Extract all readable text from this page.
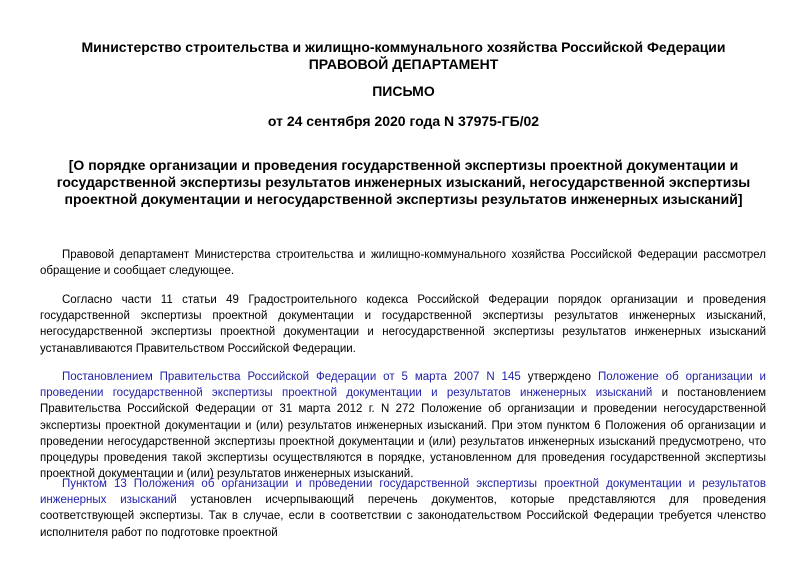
Министерство строительства и жилищно-коммунального хозяйства Российской Федерации
ПРАВОВОЙ ДЕПАРТАМЕНТ
ПИСЬМО
от 24 сентября 2020 года N 37975-ГБ/02
[О порядке организации и проведения государственной экспертизы проектной документации и
государственной экспертизы результатов инженерных изысканий, негосударственной экспертизы
проектной документации и негосударственной экспертизы результатов инженерных изысканий]
Правовой департамент Министерства строительства и жилищно-коммунального хозяйства Российской Федерации рассмотрел обращение и сообщает следующее.
Согласно части 11 статьи 49 Градостроительного кодекса Российской Федерации порядок организации и проведения государственной экспертизы проектной документации и государственной экспертизы результатов инженерных изысканий, негосударственной экспертизы проектной документации и негосударственной экспертизы результатов инженерных изысканий устанавливаются Правительством Российской Федерации.
Постановлением Правительства Российской Федерации от 5 марта 2007 N 145 утверждено Положение об организации и проведении государственной экспертизы проектной документации и результатов инженерных изысканий и постановлением Правительства Российской Федерации от 31 марта 2012 г. N 272 Положение об организации и проведении негосударственной экспертизы проектной документации и (или) результатов инженерных изысканий. При этом пунктом 6 Положения об организации и проведении негосударственной экспертизы проектной документации и (или) результатов инженерных изысканий предусмотрено, что процедуры проведения такой экспертизы осуществляются в порядке, установленном для проведения государственной экспертизы проектной документации и (или) результатов инженерных изысканий.
Пунктом 13 Положения об организации и проведении государственной экспертизы проектной документации и результатов инженерных изысканий установлен исчерпывающий перечень документов, которые представляются для проведения соответствующей экспертизы. Так в случае, если в соответствии с законодательством Российской Федерации требуется членство исполнителя работ по подготовке проектной
